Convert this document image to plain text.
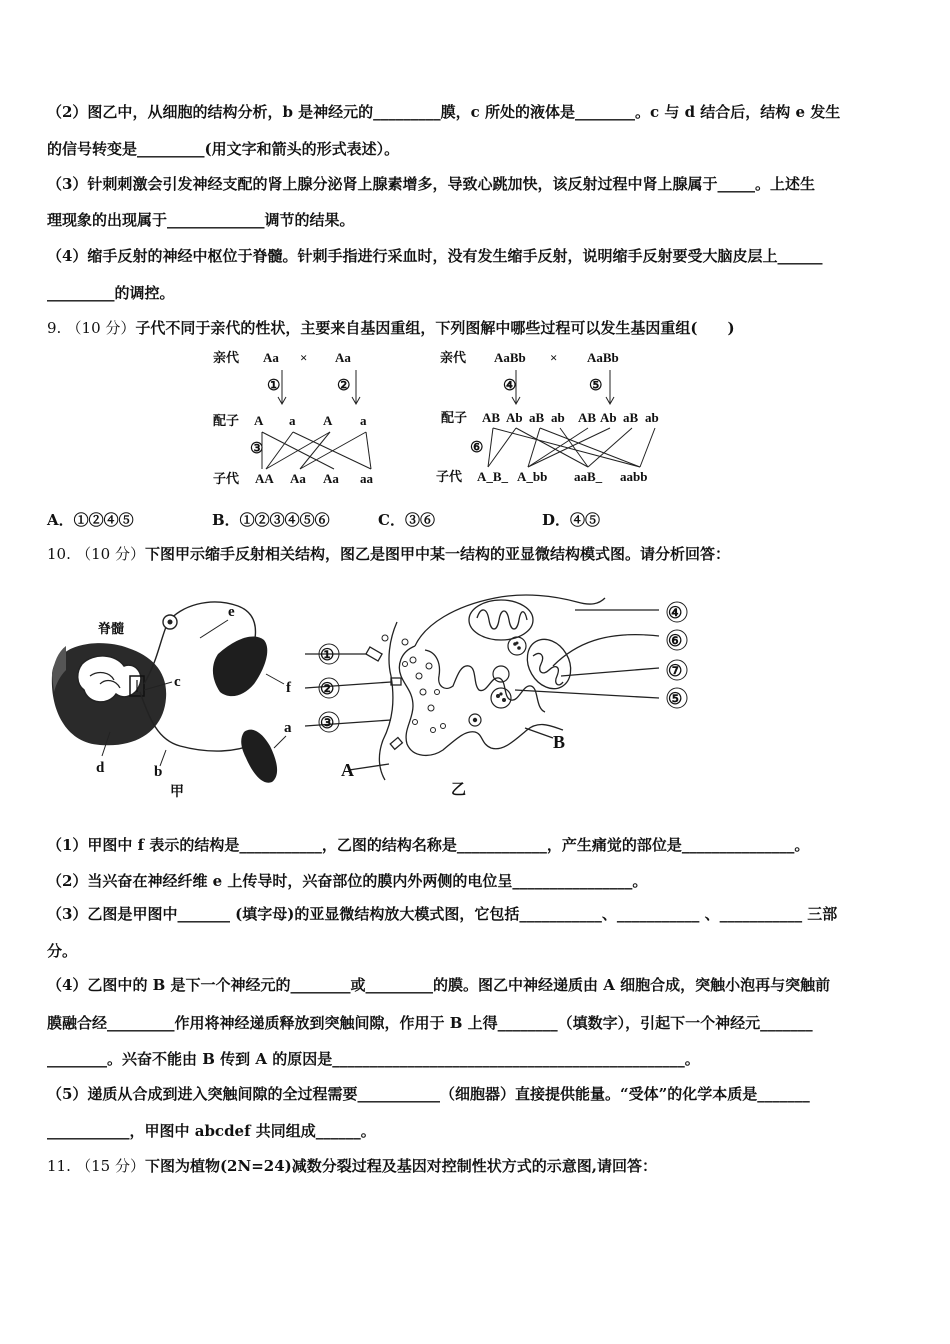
（2）图乙中，从细胞的结构分析，b 是神经元的_________膜，c 所处的液体是________。c 与 d 结合后，结构 e 发生
的信号转变是_________(用文字和箭头的形式表述）。
（3）针刺刺激会引发神经支配的肾上腺分泌肾上腺素增多，导致心跳加快，该反射过程中肾上腺属于_____。上述生
理现象的出现属于_____________调节的结果。
（4）缩手反射的神经中枢位于脊髓。针刺手指进行采血时，没有发生缩手反射，说明缩手反射要受大脑皮层上______
_________的调控。
9. （10 分）子代不同于亲代的性状，主要来自基因重组，下列图解中哪些过程可以发生基因重组(　　)
亲代 Aa × Aa
①	②
配子 A a A a
③
子代 AA Aa Aa aa
亲代 AaBb × AaBb
④	⑤
配子 AB Ab aB ab AB Ab aB ab
⑥
子代 A_B_ A_bb aaB_ aabb
A．①②④⑤	B．①②③④⑤⑥	C．③⑥	D．④⑤
10. （10 分）下图甲示缩手反射相关结构，图乙是图甲中某一结构的亚显微结构模式图。请分析回答：
脊髓
e
c	f
a
d	b
甲
①
②
③
A
④
⑥
⑦
⑤
B
乙
（1）甲图中 f 表示的结构是___________，乙图的结构名称是____________，产生痛觉的部位是_______________。
（2）当兴奋在神经纤维 e 上传导时，兴奋部位的膜内外两侧的电位呈________________。
（3）乙图是甲图中_______ (填字母)的亚显微结构放大模式图，它包括___________、___________ 、___________ 三部
分。
（4）乙图中的 B 是下一个神经元的________或_________的膜。图乙中神经递质由 A 细胞合成，突触小泡再与突触前
膜融合经_________作用将神经递质释放到突触间隙，作用于 B 上得________（填数字），引起下一个神经元_______
________。兴奋不能由 B 传到 A 的原因是_______________________________________________。
（5）递质从合成到进入突触间隙的全过程需要___________（细胞器）直接提供能量。“受体”的化学本质是_______
___________，甲图中 abcdef 共同组成______。
11. （15 分）下图为植物(2N=24)减数分裂过程及基因对控制性状方式的示意图,请回答：
